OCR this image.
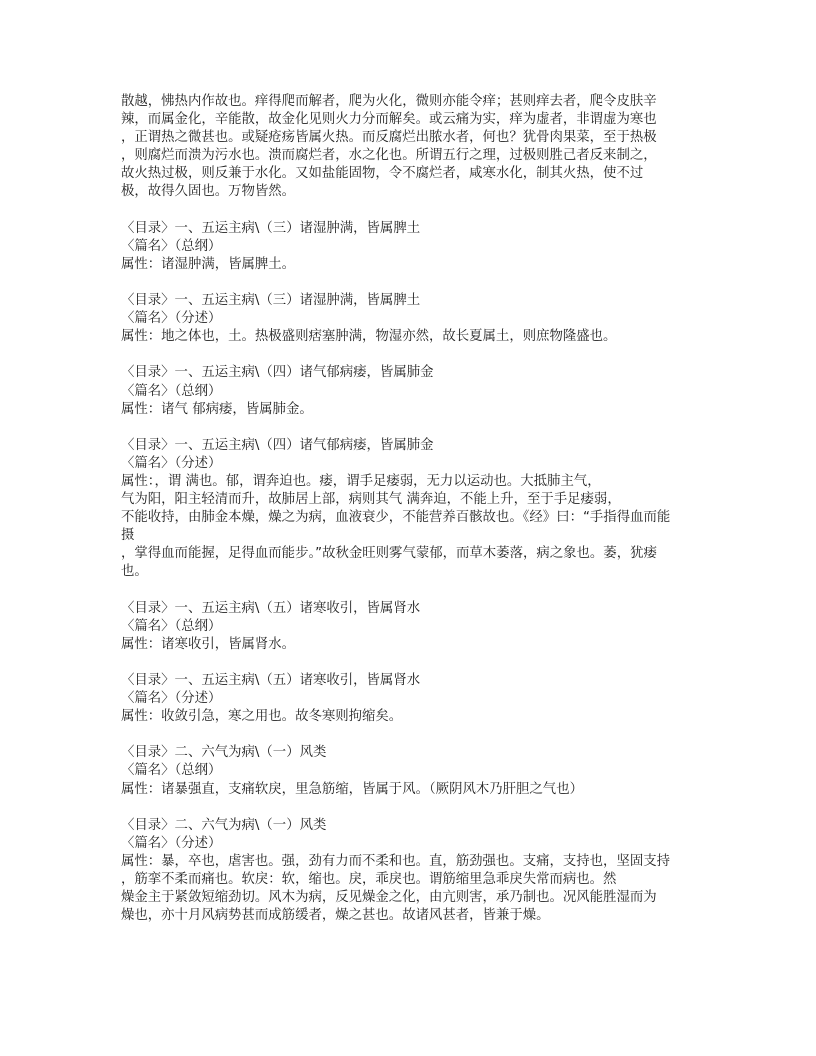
散越，怫热内作故也。痒得爬而解者，爬为火化，微则亦能令痒；甚则痒去者，爬令皮肤辛
辣，而属金化，辛能散，故金化见则火力分而解矣。或云痛为实，痒为虚者，非谓虚为寒也
，正谓热之微甚也。或疑疮疡皆属火热。而反腐烂出脓水者，何也？犹骨肉果菜，至于热极
，则腐烂而溃为污水也。溃而腐烂者，水之化也。所谓五行之理，过极则胜己者反来制之，
故火热过极，则反兼于水化。又如盐能固物，令不腐烂者，咸寒水化，制其火热，使不过
极，故得久固也。万物皆然。
〈目录〉一、五运主病\（三）诸湿肿满，皆属脾土
〈篇名〉（总纲）
属性：诸湿肿满，皆属脾土。
〈目录〉一、五运主病\（三）诸湿肿满，皆属脾土
〈篇名〉（分述）
属性：地之体也，土。热极盛则痞塞肿满，物湿亦然，故长夏属土，则庶物隆盛也。
〈目录〉一、五运主病\（四）诸气郁病痿，皆属肺金
〈篇名〉（总纲）
属性：诸气 郁病痿，皆属肺金。
〈目录〉一、五运主病\（四）诸气郁病痿，皆属肺金
〈篇名〉（分述）
属性：，谓 满也。郁，谓奔迫也。痿，谓手足痿弱，无力以运动也。大抵肺主气，
气为阳，阳主轻清而升，故肺居上部，病则其气 满奔迫，不能上升，至于手足痿弱，
不能收持，由肺金本燥，燥之为病，血液衰少，不能营养百骸故也。《经》曰：“手指得血而能
摄
，掌得血而能握，足得血而能步。”故秋金旺则雾气蒙郁，而草木萎落，病之象也。萎，犹痿
也。
〈目录〉一、五运主病\（五）诸寒收引，皆属肾水
〈篇名〉（总纲）
属性：诸寒收引，皆属肾水。
〈目录〉一、五运主病\（五）诸寒收引，皆属肾水
〈篇名〉（分述）
属性：收敛引急，寒之用也。故冬寒则拘缩矣。
〈目录〉二、六气为病\（一）风类
〈篇名〉（总纲）
属性：诸暴强直，支痛软戾，里急筋缩，皆属于风。（厥阴风木乃肝胆之气也）
〈目录〉二、六气为病\（一）风类
〈篇名〉（分述）
属性：暴，卒也，虐害也。强，劲有力而不柔和也。直，筋劲强也。支痛，支持也，坚固支持
，筋挛不柔而痛也。软戾：软，缩也。戾，乖戾也。谓筋缩里急乖戾失常而病也。然
燥金主于紧敛短缩劲切。风木为病，反见燥金之化，由亢则害，承乃制也。况风能胜湿而为
燥也，亦十月风病势甚而成筋缓者，燥之甚也。故诸风甚者，皆兼于燥。
